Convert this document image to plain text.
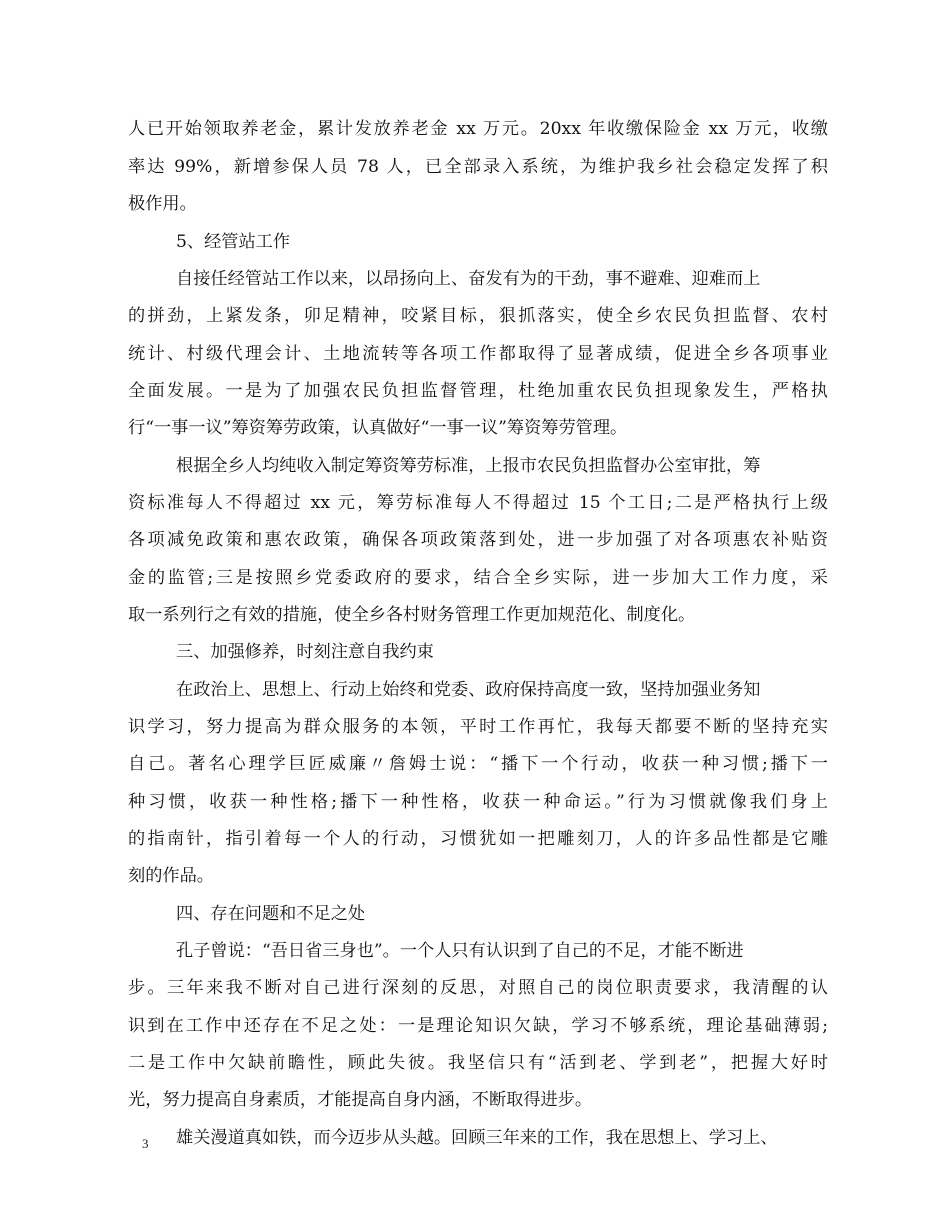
人已开始领取养老金，累计发放养老金 xx 万元。20xx 年收缴保险金 xx 万元，收缴
率达 99%，新增参保人员 78 人，已全部录入系统，为维护我乡社会稳定发挥了积
极作用。
5、经管站工作
自接任经管站工作以来，以昂扬向上、奋发有为的干劲，事不避难、迎难而上
的拼劲，上紧发条，卯足精神，咬紧目标，狠抓落实，使全乡农民负担监督、农村
统计、村级代理会计、土地流转等各项工作都取得了显著成绩，促进全乡各项事业
全面发展。一是为了加强农民负担监督管理，杜绝加重农民负担现象发生，严格执
行“一事一议”筹资筹劳政策，认真做好“一事一议”筹资筹劳管理。
根据全乡人均纯收入制定筹资筹劳标准，上报市农民负担监督办公室审批，筹
资标准每人不得超过 xx 元，筹劳标准每人不得超过 15 个工日;二是严格执行上级
各项减免政策和惠农政策，确保各项政策落到处，进一步加强了对各项惠农补贴资
金的监管;三是按照乡党委政府的要求，结合全乡实际，进一步加大工作力度，采
取一系列行之有效的措施，使全乡各村财务管理工作更加规范化、制度化。
三、加强修养，时刻注意自我约束
在政治上、思想上、行动上始终和党委、政府保持高度一致，坚持加强业务知
识学习，努力提高为群众服务的本领，平时工作再忙，我每天都要不断的坚持充实
自己。著名心理学巨匠威廉〃詹姆士说：“播下一个行动，收获一种习惯;播下一
种习惯，收获一种性格;播下一种性格，收获一种命运。”行为习惯就像我们身上
的指南针，指引着每一个人的行动，习惯犹如一把雕刻刀，人的许多品性都是它雕
刻的作品。
四、存在问题和不足之处
孔子曾说：“吾日省三身也”。一个人只有认识到了自己的不足，才能不断进
步。三年来我不断对自己进行深刻的反思，对照自己的岗位职责要求，我清醒的认
识到在工作中还存在不足之处：一是理论知识欠缺，学习不够系统，理论基础薄弱;
二是工作中欠缺前瞻性，顾此失彼。我坚信只有“活到老、学到老”，把握大好时
光，努力提高自身素质，才能提高自身内涵，不断取得进步。
雄关漫道真如铁，而今迈步从头越。回顾三年来的工作，我在思想上、学习上、
3
